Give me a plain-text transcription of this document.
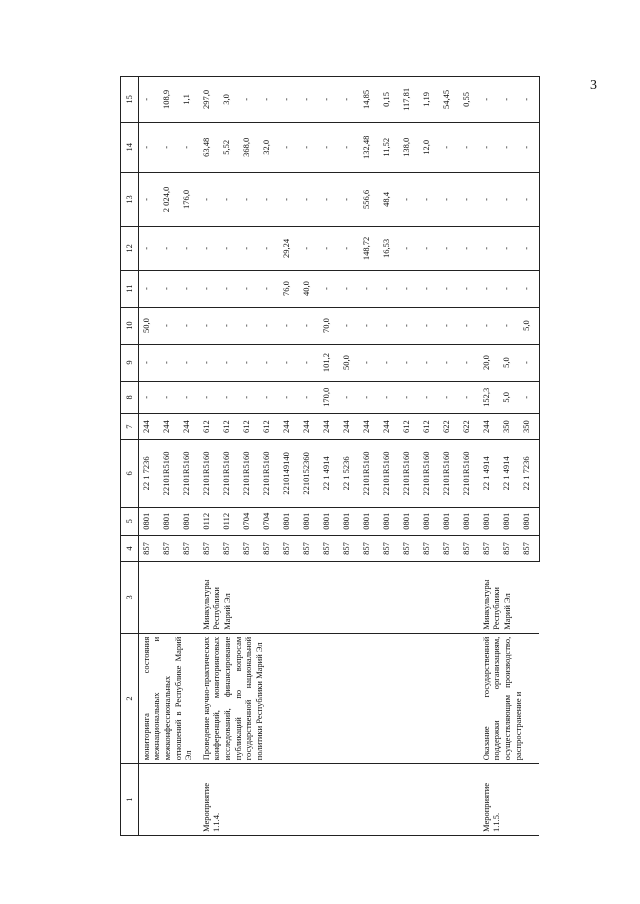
3
1	2	3	4	5	6	7	8	9	10	11	12	13	14	15
	мониторинга состояния межнациональных и межконфессиональных отношений в Республике Марий Эл		857	0801	22 1 7236	244	-	-	50,0	-	-	-	-	-
			857	0801	22101R5160	244	-	-	-	-	-	2 024,0	-	108,9
			857	0801	22101R5160	244	-	-	-	-	-	176,0	-	1,1
Мероприятие 1.1.4.	Проведение научно-практических конференций, мониторинговых исследований, финансирование публикаций по вопросам государственной национальной политики Республики Марий Эл	Минкультуры Республики Марий Эл	857	0112	22101R5160	612	-	-	-	-	-	-	63,48	297,0
			857	0112	22101R5160	612	-	-	-	-	-	-	5,52	3,0
			857	0704	22101R5160	612	-	-	-	-	-	-	368,0	-
			857	0704	22101R5160	612	-	-	-	-	-	-	32,0	-
			857	0801	2210149140	244	-	-	-	76,0	29,24	-	-	-
			857	0801	2210152360	244	-	-	-	40,0	-	-	-	-
			857	0801	22 1 4914	244	170,0	101,2	70,0	-	-	-	-	-
			857	0801	22 1 5236	244	-	50,0	-	-	-	-	-	-
			857	0801	22101R5160	244	-	-	-	-	148,72	556,6	132,48	14,85
			857	0801	22101R5160	244	-	-	-	-	16,53	48,4	11,52	0,15
			857	0801	22101R5160	612	-	-	-	-	-	-	138,0	117,81
			857	0801	22101R5160	612	-	-	-	-	-	-	12,0	1,19
			857	0801	22101R5160	622	-	-	-	-	-	-	-	54,45
			857	0801	22101R5160	622	-	-	-	-	-	-	-	0,55
Мероприятие 1.1.5.	Оказание государственной поддержки организациям, осуществляющим производство, распространение и	Минкультуры Республики Марий Эл	857	0801	22 1 4914	244	152,3	20,0	-	-	-	-	-	-
			857	0801	22 1 4914	350	5,0	5,0	-	-	-	-	-	-
			857	0801	22 1 7236	350	-	-	5,0	-	-	-	-	-
